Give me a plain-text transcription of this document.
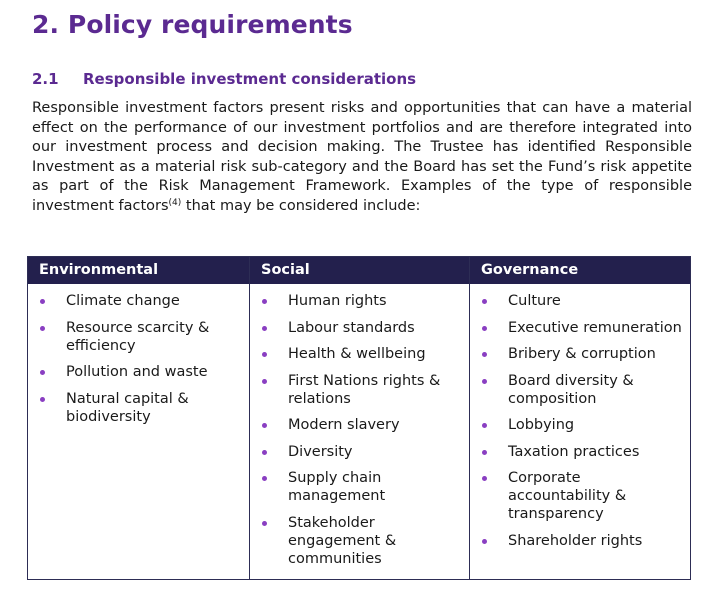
2. Policy requirements
2.1 Responsible investment considerations
Responsible investment factors present risks and opportunities that can have a material
effect on the performance of our investment portfolios and are therefore integrated into
our investment process and decision making. The Trustee has identified Responsible
Investment as a material risk sub-category and the Board has set the Fund’s risk appetite
as part of the Risk Management Framework. Examples of the type of responsible
investment factors$^{(4)}$ that may be considered include:
Environmental
Climate change
Resource scarcity & efficiency
Pollution and waste
Natural capital & biodiversity
Social
Human rights
Labour standards
Health & wellbeing
First Nations rights & relations
Modern slavery
Diversity
Supply chain management
Stakeholder engagement & communities
Governance
Culture
Executive remuneration
Bribery & corruption
Board diversity & composition
Lobbying
Taxation practices
Corporate accountability & transparency
Shareholder rights
